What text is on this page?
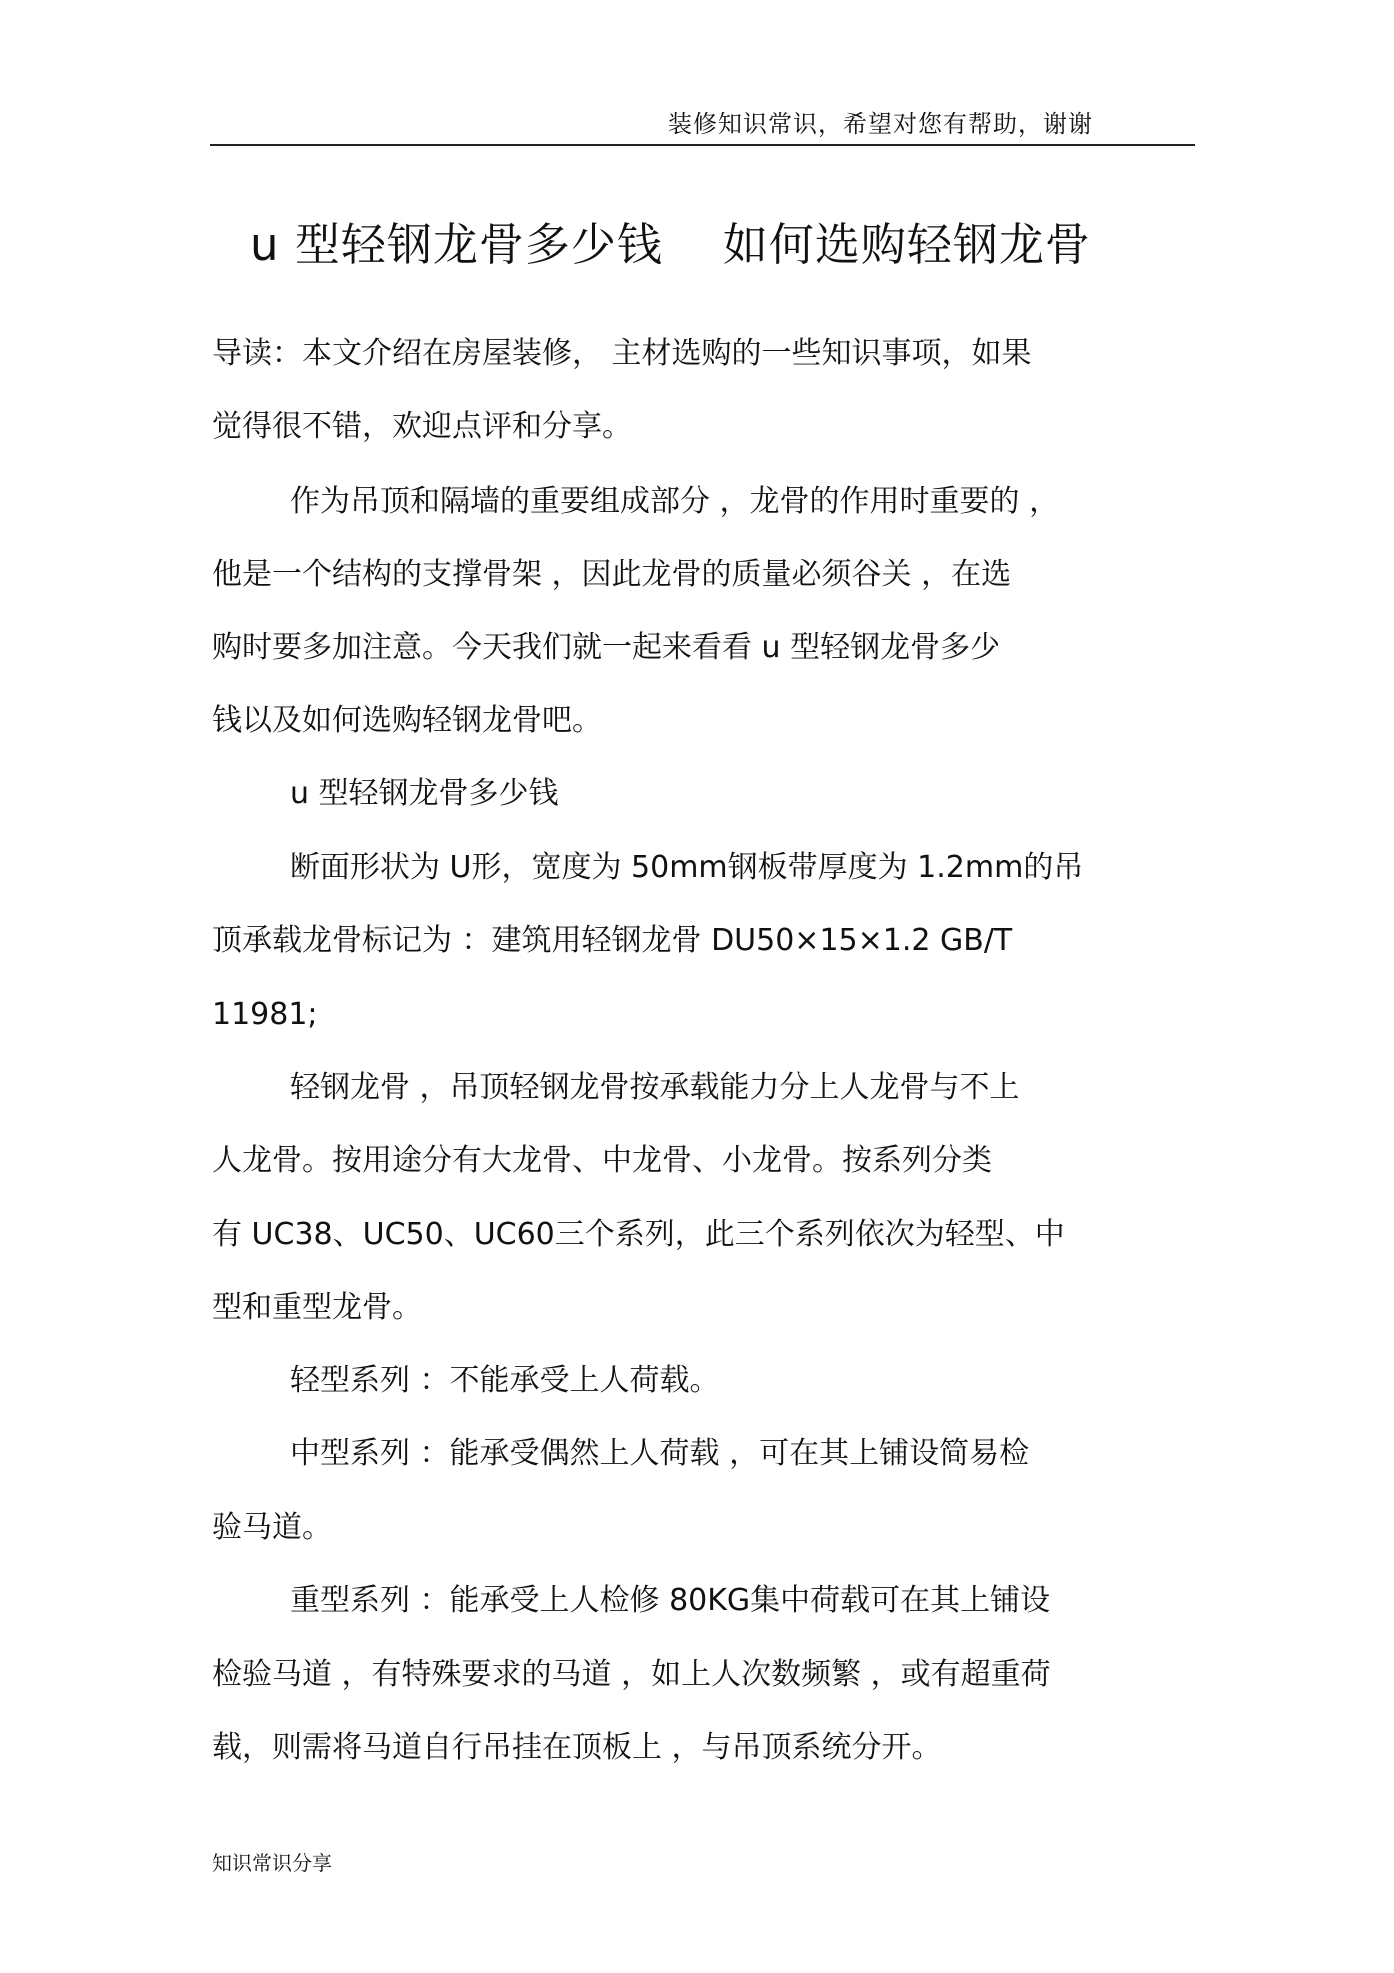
装修知识常识，希望对您有帮助，谢谢
u 型轻钢龙骨多少钱 如何选购轻钢龙骨
导读：本文介绍在房屋装修， 主材选购的一些知识事项，如果
觉得很不错，欢迎点评和分享。
作为吊顶和隔墙的重要组成部分 ，龙骨的作用时重要的 ，
他是一个结构的支撑骨架 ，因此龙骨的质量必须谷关 ，在选
购时要多加注意。今天我们就一起来看看 u 型轻钢龙骨多少
钱以及如何选购轻钢龙骨吧。
u 型轻钢龙骨多少钱
断面形状为 U形，宽度为 50mm钢板带厚度为 1.2mm的吊
顶承载龙骨标记为 ：建筑用轻钢龙骨 DU50×15×1.2 GB/T
11981;
轻钢龙骨 ，吊顶轻钢龙骨按承载能力分上人龙骨与不上
人龙骨。按用途分有大龙骨、中龙骨、小龙骨。按系列分类
有 UC38、UC50、UC60三个系列，此三个系列依次为轻型、中
型和重型龙骨。
轻型系列 ：不能承受上人荷载。
中型系列 ：能承受偶然上人荷载 ，可在其上铺设简易检
验马道。
重型系列 ：能承受上人检修 80KG集中荷载可在其上铺设
检验马道 ，有特殊要求的马道 ，如上人次数频繁 ，或有超重荷
载，则需将马道自行吊挂在顶板上 ，与吊顶系统分开。
知识常识分享
